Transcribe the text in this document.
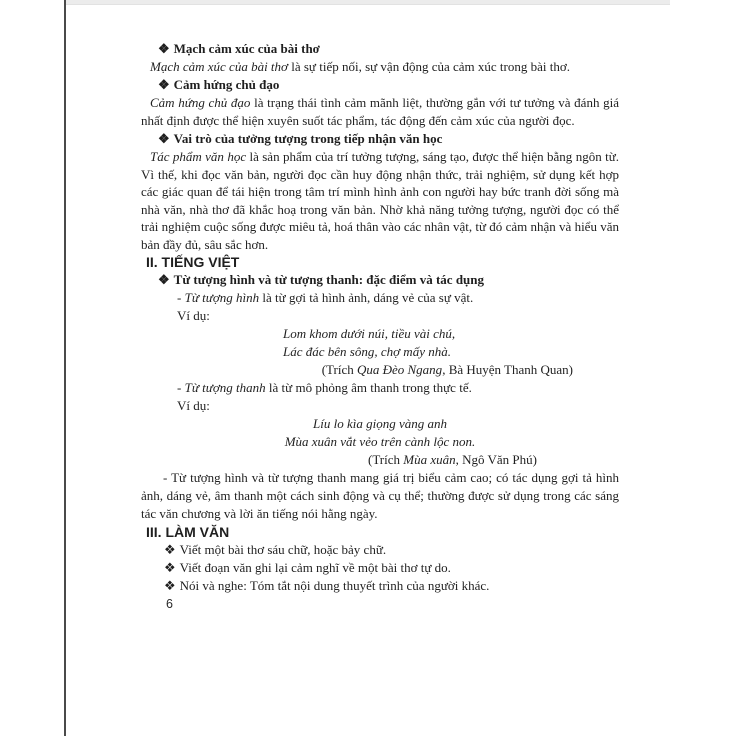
❖ Mạch cảm xúc của bài thơ

Mạch cảm xúc của bài thơ là sự tiếp nối, sự vận động của cảm xúc trong bài thơ.

❖ Cảm hứng chủ đạo

Cảm hứng chủ đạo là trạng thái tình cảm mãnh liệt, thường gắn với tư tưởng và đánh giá nhất định được thể hiện xuyên suốt tác phẩm, tác động đến cảm xúc của người đọc.

❖ Vai trò của tưởng tượng trong tiếp nhận văn học

Tác phẩm văn học là sản phẩm của trí tưởng tượng, sáng tạo, được thể hiện bằng ngôn từ. Vì thế, khi đọc văn bản, người đọc cần huy động nhận thức, trải nghiệm, sử dụng kết hợp các giác quan để tái hiện trong tâm trí mình hình ảnh con người hay bức tranh đời sống mà nhà văn, nhà thơ đã khắc hoạ trong văn bản. Nhờ khả năng tưởng tượng, người đọc có thể trải nghiệm cuộc sống được miêu tả, hoá thân vào các nhân vật, từ đó cảm nhận và hiểu văn bản đầy đủ, sâu sắc hơn.

II. TIẾNG VIỆT

❖ Từ tượng hình và từ tượng thanh: đặc điểm và tác dụng

- Từ tượng hình là từ gợi tả hình ảnh, dáng vẻ của sự vật.

Ví dụ:

Lom khom dưới núi, tiều vài chú,

Lác đác bên sông, chợ mấy nhà.

(Trích Qua Đèo Ngang, Bà Huyện Thanh Quan)

- Từ tượng thanh là từ mô phỏng âm thanh trong thực tế.

Ví dụ:

Líu lo kìa giọng vàng anh

Mùa xuân vắt vẻo trên cành lộc non.

(Trích Mùa xuân, Ngô Văn Phú)

- Từ tượng hình và từ tượng thanh mang giá trị biểu cảm cao; có tác dụng gợi tả hình ảnh, dáng vẻ, âm thanh một cách sinh động và cụ thể; thường được sử dụng trong các sáng tác văn chương và lời ăn tiếng nói hằng ngày.

III. LÀM VĂN

❖ Viết một bài thơ sáu chữ, hoặc bảy chữ.

❖ Viết đoạn văn ghi lại cảm nghĩ về một bài thơ tự do.

❖ Nói và nghe: Tóm tắt nội dung thuyết trình của người khác.

6
